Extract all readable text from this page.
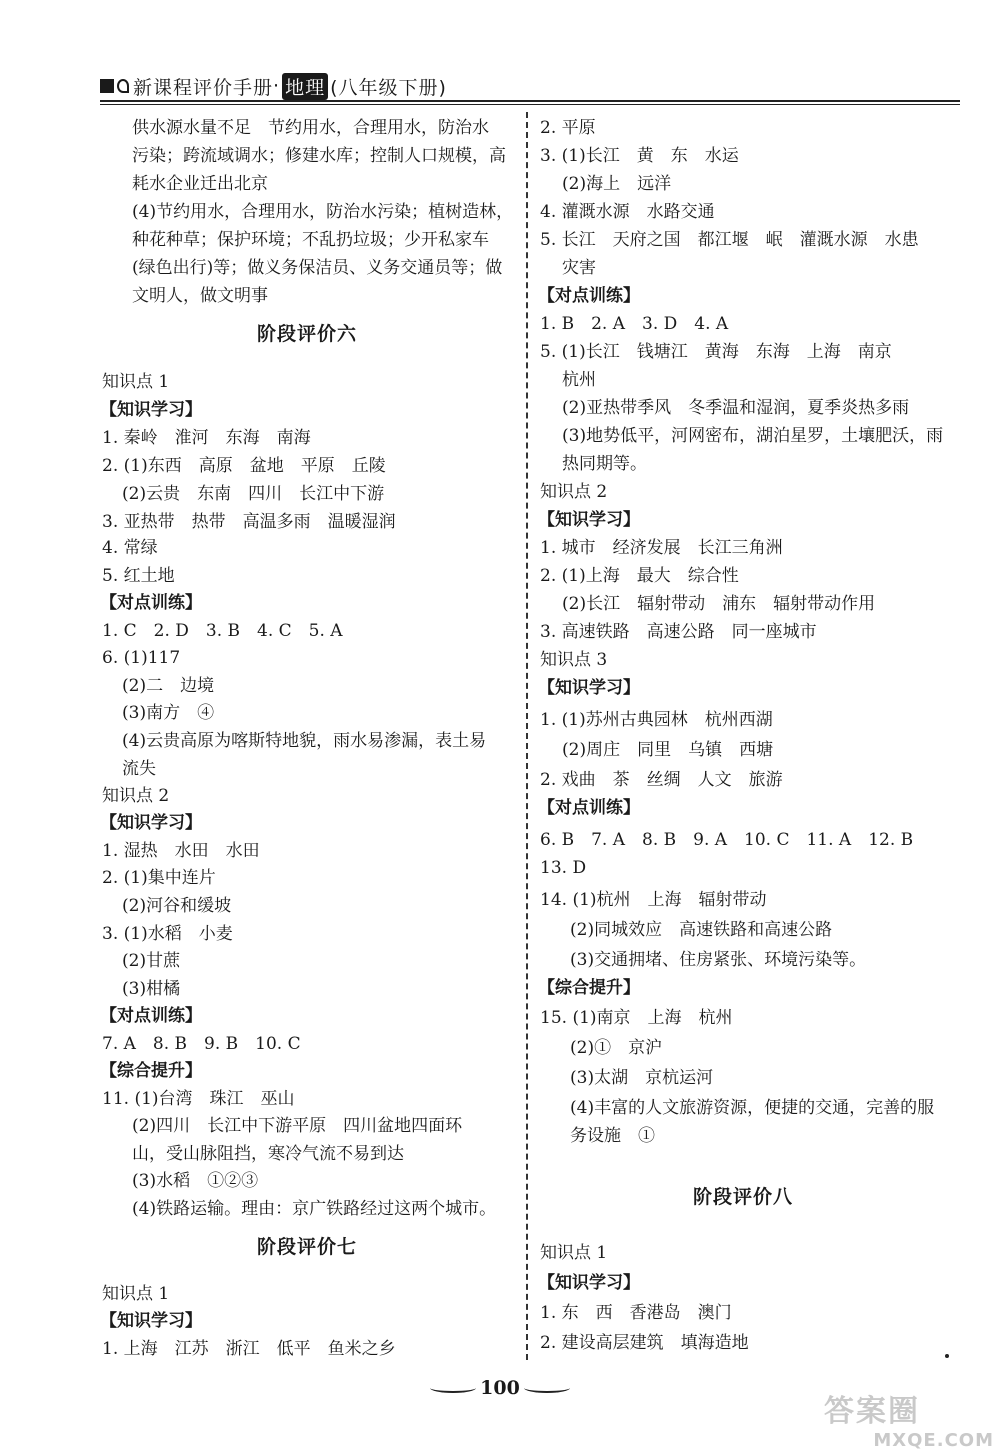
新课程评价手册 · 地理 (八年级下册)
供水源水量不足　节约用水，合理用水，防治水
污染；跨流域调水；修建水库；控制人口规模，高
耗水企业迁出北京
(4)节约用水，合理用水，防治水污染；植树造林，
种花种草；保护环境；不乱扔垃圾；少开私家车
(绿色出行)等；做义务保洁员、义务交通员等；做
文明人，做文明事
知识点 1
【知识学习】
1. 秦岭　淮河　东海　南海
2. (1)东西　高原　盆地　平原　丘陵
(2)云贵　东南　四川　长江中下游
3. 亚热带　热带　高温多雨　温暖湿润
4. 常绿
5. 红土地
【对点训练】
1. C　2. D　3. B　4. C　5. A
6. (1)117
(2)二　边境
(3)南方　④
(4)云贵高原为喀斯特地貌，雨水易渗漏，表土易
流失
知识点 2
【知识学习】
1. 湿热　水田　水田
2. (1)集中连片
(2)河谷和缓坡
3. (1)水稻　小麦
(2)甘蔗
(3)柑橘
【对点训练】
7. A　8. B　9. B　10. C
【综合提升】
11. (1)台湾　珠江　巫山
(2)四川　长江中下游平原　四川盆地四面环
山，受山脉阻挡，寒冷气流不易到达
(3)水稻　①②③
(4)铁路运输。理由：京广铁路经过这两个城市。
知识点 1
【知识学习】
1. 上海　江苏　浙江　低平　鱼米之乡
阶段评价六
阶段评价七
2. 平原
3. (1)长江　黄　东　水运
(2)海上　远洋
4. 灌溉水源　水路交通
5. 长江　天府之国　都江堰　岷　灌溉水源　水患
灾害
【对点训练】
1. B　2. A　3. D　4. A
5. (1)长江　钱塘江　黄海　东海　上海　南京
杭州
(2)亚热带季风　冬季温和湿润，夏季炎热多雨
(3)地势低平，河网密布，湖泊星罗，土壤肥沃，雨
热同期等。
知识点 2
【知识学习】
1. 城市　经济发展　长江三角洲
2. (1)上海　最大　综合性
(2)长江　辐射带动　浦东　辐射带动作用
3. 高速铁路　高速公路　同一座城市
知识点 3
【知识学习】
1. (1)苏州古典园林　杭州西湖
(2)周庄　同里　乌镇　西塘
2. 戏曲　茶　丝绸　人文　旅游
【对点训练】
6. B　7. A　8. B　9. A　10. C　11. A　12. B
13. D
14. (1)杭州　上海　辐射带动
(2)同城效应　高速铁路和高速公路
(3)交通拥堵、住房紧张、环境污染等。
【综合提升】
15. (1)南京　上海　杭州
(2)①　京沪
(3)太湖　京杭运河
(4)丰富的人文旅游资源，便捷的交通，完善的服
务设施　①
知识点 1
【知识学习】
1. 东　西　香港岛　澳门
2. 建设高层建筑　填海造地
阶段评价八
100
答案圈
MXQE.COM
